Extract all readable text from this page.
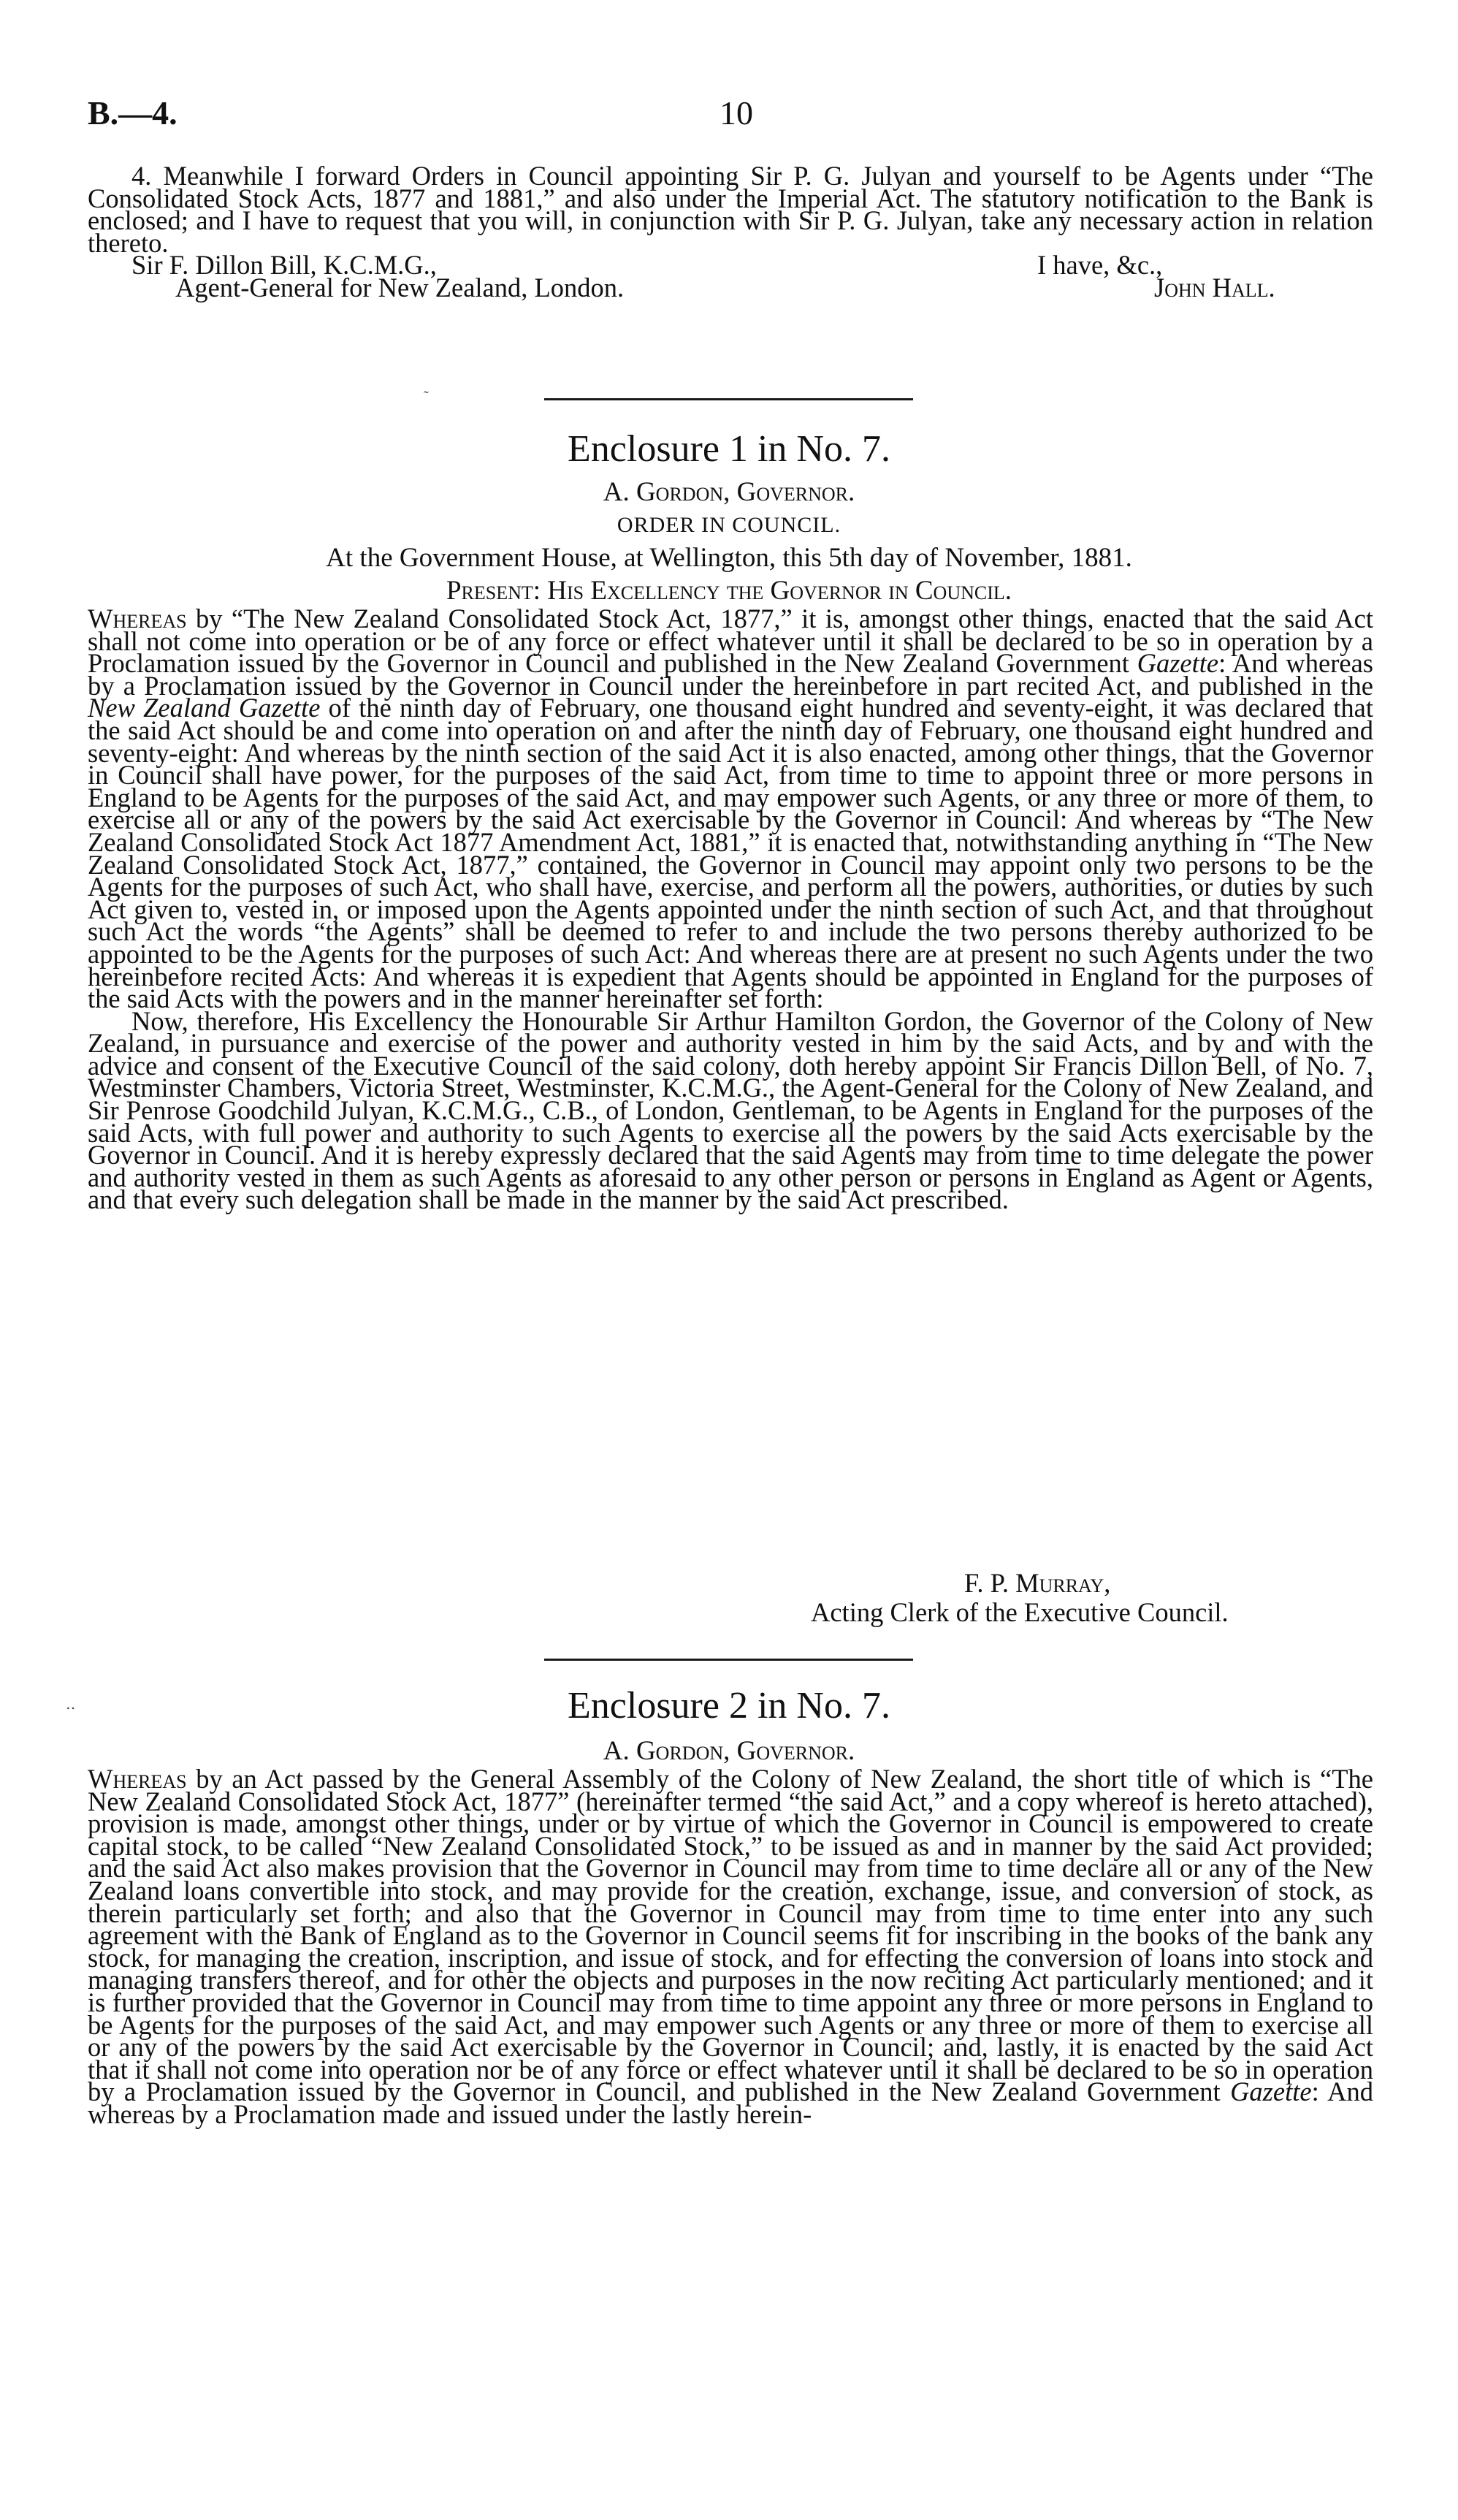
B.—4.	10

4. Meanwhile I forward Orders in Council appointing Sir P. G. Julyan and yourself to be Agents under “The Consolidated Stock Acts, 1877 and 1881,” and also under the Imperial Act. The statutory notification to the Bank is enclosed; and I have to request that you will, in conjunction with Sir P. G. Julyan, take any necessary action in relation thereto.

Sir F. Dillon Bill, K.C.M.G.,	I have, &c.,
Agent-General for New Zealand, London.	John Hall.
˜
Enclosure 1 in No. 7.
A. Gordon, Governor.
ORDER IN COUNCIL.
At the Government House, at Wellington, this 5th day of November, 1881.
Present: His Excellency the Governor in Council.

Whereas by “The New Zealand Consolidated Stock Act, 1877,” it is, amongst other things, enacted that the said Act shall not come into operation or be of any force or effect whatever until it shall be declared to be so in operation by a Proclamation issued by the Governor in Council and published in the New Zealand Government Gazette: And whereas by a Proclamation issued by the Governor in Council under the hereinbefore in part recited Act, and published in the New Zealand Gazette of the ninth day of February, one thousand eight hundred and seventy-eight, it was declared that the said Act should be and come into operation on and after the ninth day of February, one thousand eight hundred and seventy-eight: And whereas by the ninth section of the said Act it is also enacted, among other things, that the Governor in Council shall have power, for the purposes of the said Act, from time to time to appoint three or more persons in England to be Agents for the purposes of the said Act, and may empower such Agents, or any three or more of them, to exercise all or any of the powers by the said Act exercisable by the Governor in Council: And whereas by “The New Zealand Consolidated Stock Act 1877 Amendment Act, 1881,” it is enacted that, notwithstanding anything in “The New Zealand Consolidated Stock Act, 1877,” contained, the Governor in Council may appoint only two persons to be the Agents for the purposes of such Act, who shall have, exercise, and perform all the powers, authorities, or duties by such Act given to, vested in, or imposed upon the Agents appointed under the ninth section of such Act, and that throughout such Act the words “the Agents” shall be deemed to refer to and include the two persons thereby authorized to be appointed to be the Agents for the purposes of such Act: And whereas there are at present no such Agents under the two hereinbefore recited Acts: And whereas it is expedient that Agents should be appointed in England for the purposes of the said Acts with the powers and in the manner hereinafter set forth:

Now, therefore, His Excellency the Honourable Sir Arthur Hamilton Gordon, the Governor of the Colony of New Zealand, in pursuance and exercise of the power and authority vested in him by the said Acts, and by and with the advice and consent of the Executive Council of the said colony, doth hereby appoint Sir Francis Dillon Bell, of No. 7, Westminster Chambers, Victoria Street, Westminster, K.C.M.G., the Agent-General for the Colony of New Zealand, and Sir Penrose Goodchild Julyan, K.C.M.G., C.B., of London, Gentleman, to be Agents in England for the purposes of the said Acts, with full power and authority to such Agents to exercise all the powers by the said Acts exercisable by the Governor in Council. And it is hereby expressly declared that the said Agents may from time to time delegate the power and authority vested in them as such Agents as aforesaid to any other person or persons in England as Agent or Agents, and that every such delegation shall be made in the manner by the said Act prescribed.

F. P. Murray,
Acting Clerk of the Executive Council.
‥	Enclosure 2 in No. 7.
A. Gordon, Governor.

Whereas by an Act passed by the General Assembly of the Colony of New Zealand, the short title of which is “The New Zealand Consolidated Stock Act, 1877” (hereinafter termed “the said Act,” and a copy whereof is hereto attached), provision is made, amongst other things, under or by virtue of which the Governor in Council is empowered to create capital stock, to be called “New Zealand Consolidated Stock,” to be issued as and in manner by the said Act provided; and the said Act also makes provision that the Governor in Council may from time to time declare all or any of the New Zealand loans convertible into stock, and may provide for the creation, exchange, issue, and conversion of stock, as therein particularly set forth; and also that the Governor in Council may from time to time enter into any such agreement with the Bank of England as to the Governor in Council seems fit for inscribing in the books of the bank any stock, for managing the creation, inscription, and issue of stock, and for effecting the conversion of loans into stock and managing transfers thereof, and for other the objects and purposes in the now reciting Act particularly mentioned; and it is further provided that the Governor in Council may from time to time appoint any three or more persons in England to be Agents for the purposes of the said Act, and may empower such Agents or any three or more of them to exercise all or any of the powers by the said Act exercisable by the Governor in Council; and, lastly, it is enacted by the said Act that it shall not come into operation nor be of any force or effect whatever until it shall be declared to be so in operation by a Proclamation issued by the Governor in Council, and published in the New Zealand Government Gazette: And whereas by a Proclamation made and issued under the lastly herein-
